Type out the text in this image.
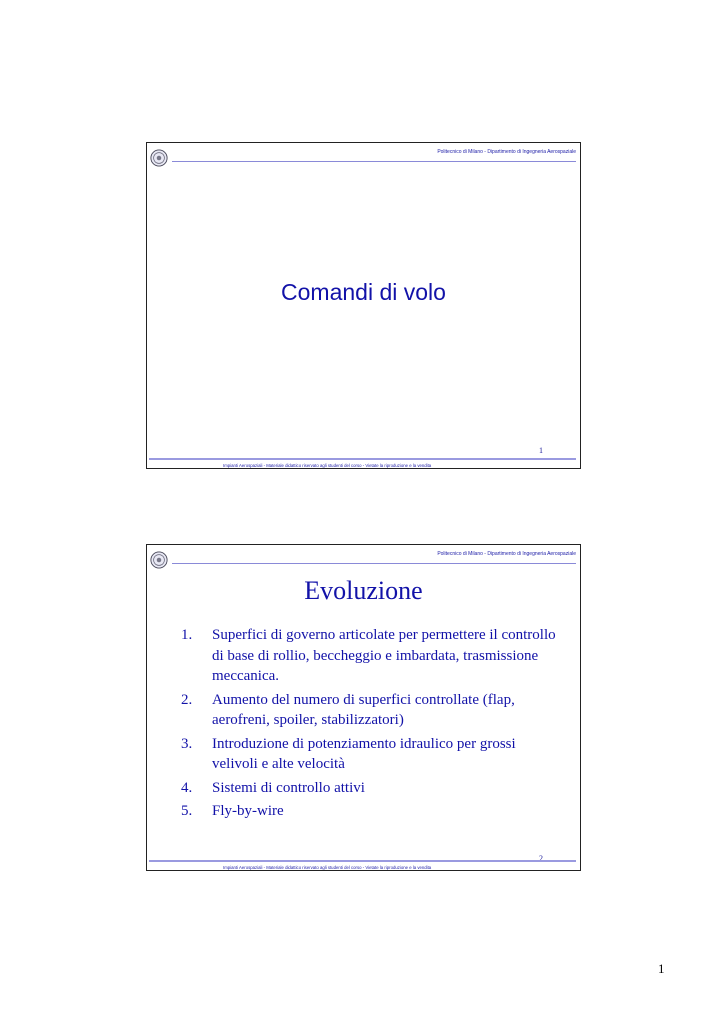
Politecnico di Milano - Dipartimento di Ingegneria Aerospaziale
Comandi di volo
1
Impianti Aerospaziali - Materiale didattico riservato agli studenti del corso - Vietate la riproduzione e la vendita
Politecnico di Milano - Dipartimento di Ingegneria Aerospaziale
Evoluzione
1.	Superfici di governo articolate per permettere il controllo di base di rollio, beccheggio e imbardata, trasmissione meccanica.
2.	Aumento del numero di superfici controllate (flap, aerofreni, spoiler, stabilizzatori)
3.	Introduzione di potenziamento idraulico per grossi velivoli e alte velocità
4.	Sistemi di controllo attivi
5.	Fly-by-wire
2
Impianti Aerospaziali - Materiale didattico riservato agli studenti del corso - Vietate la riproduzione e la vendita
1
